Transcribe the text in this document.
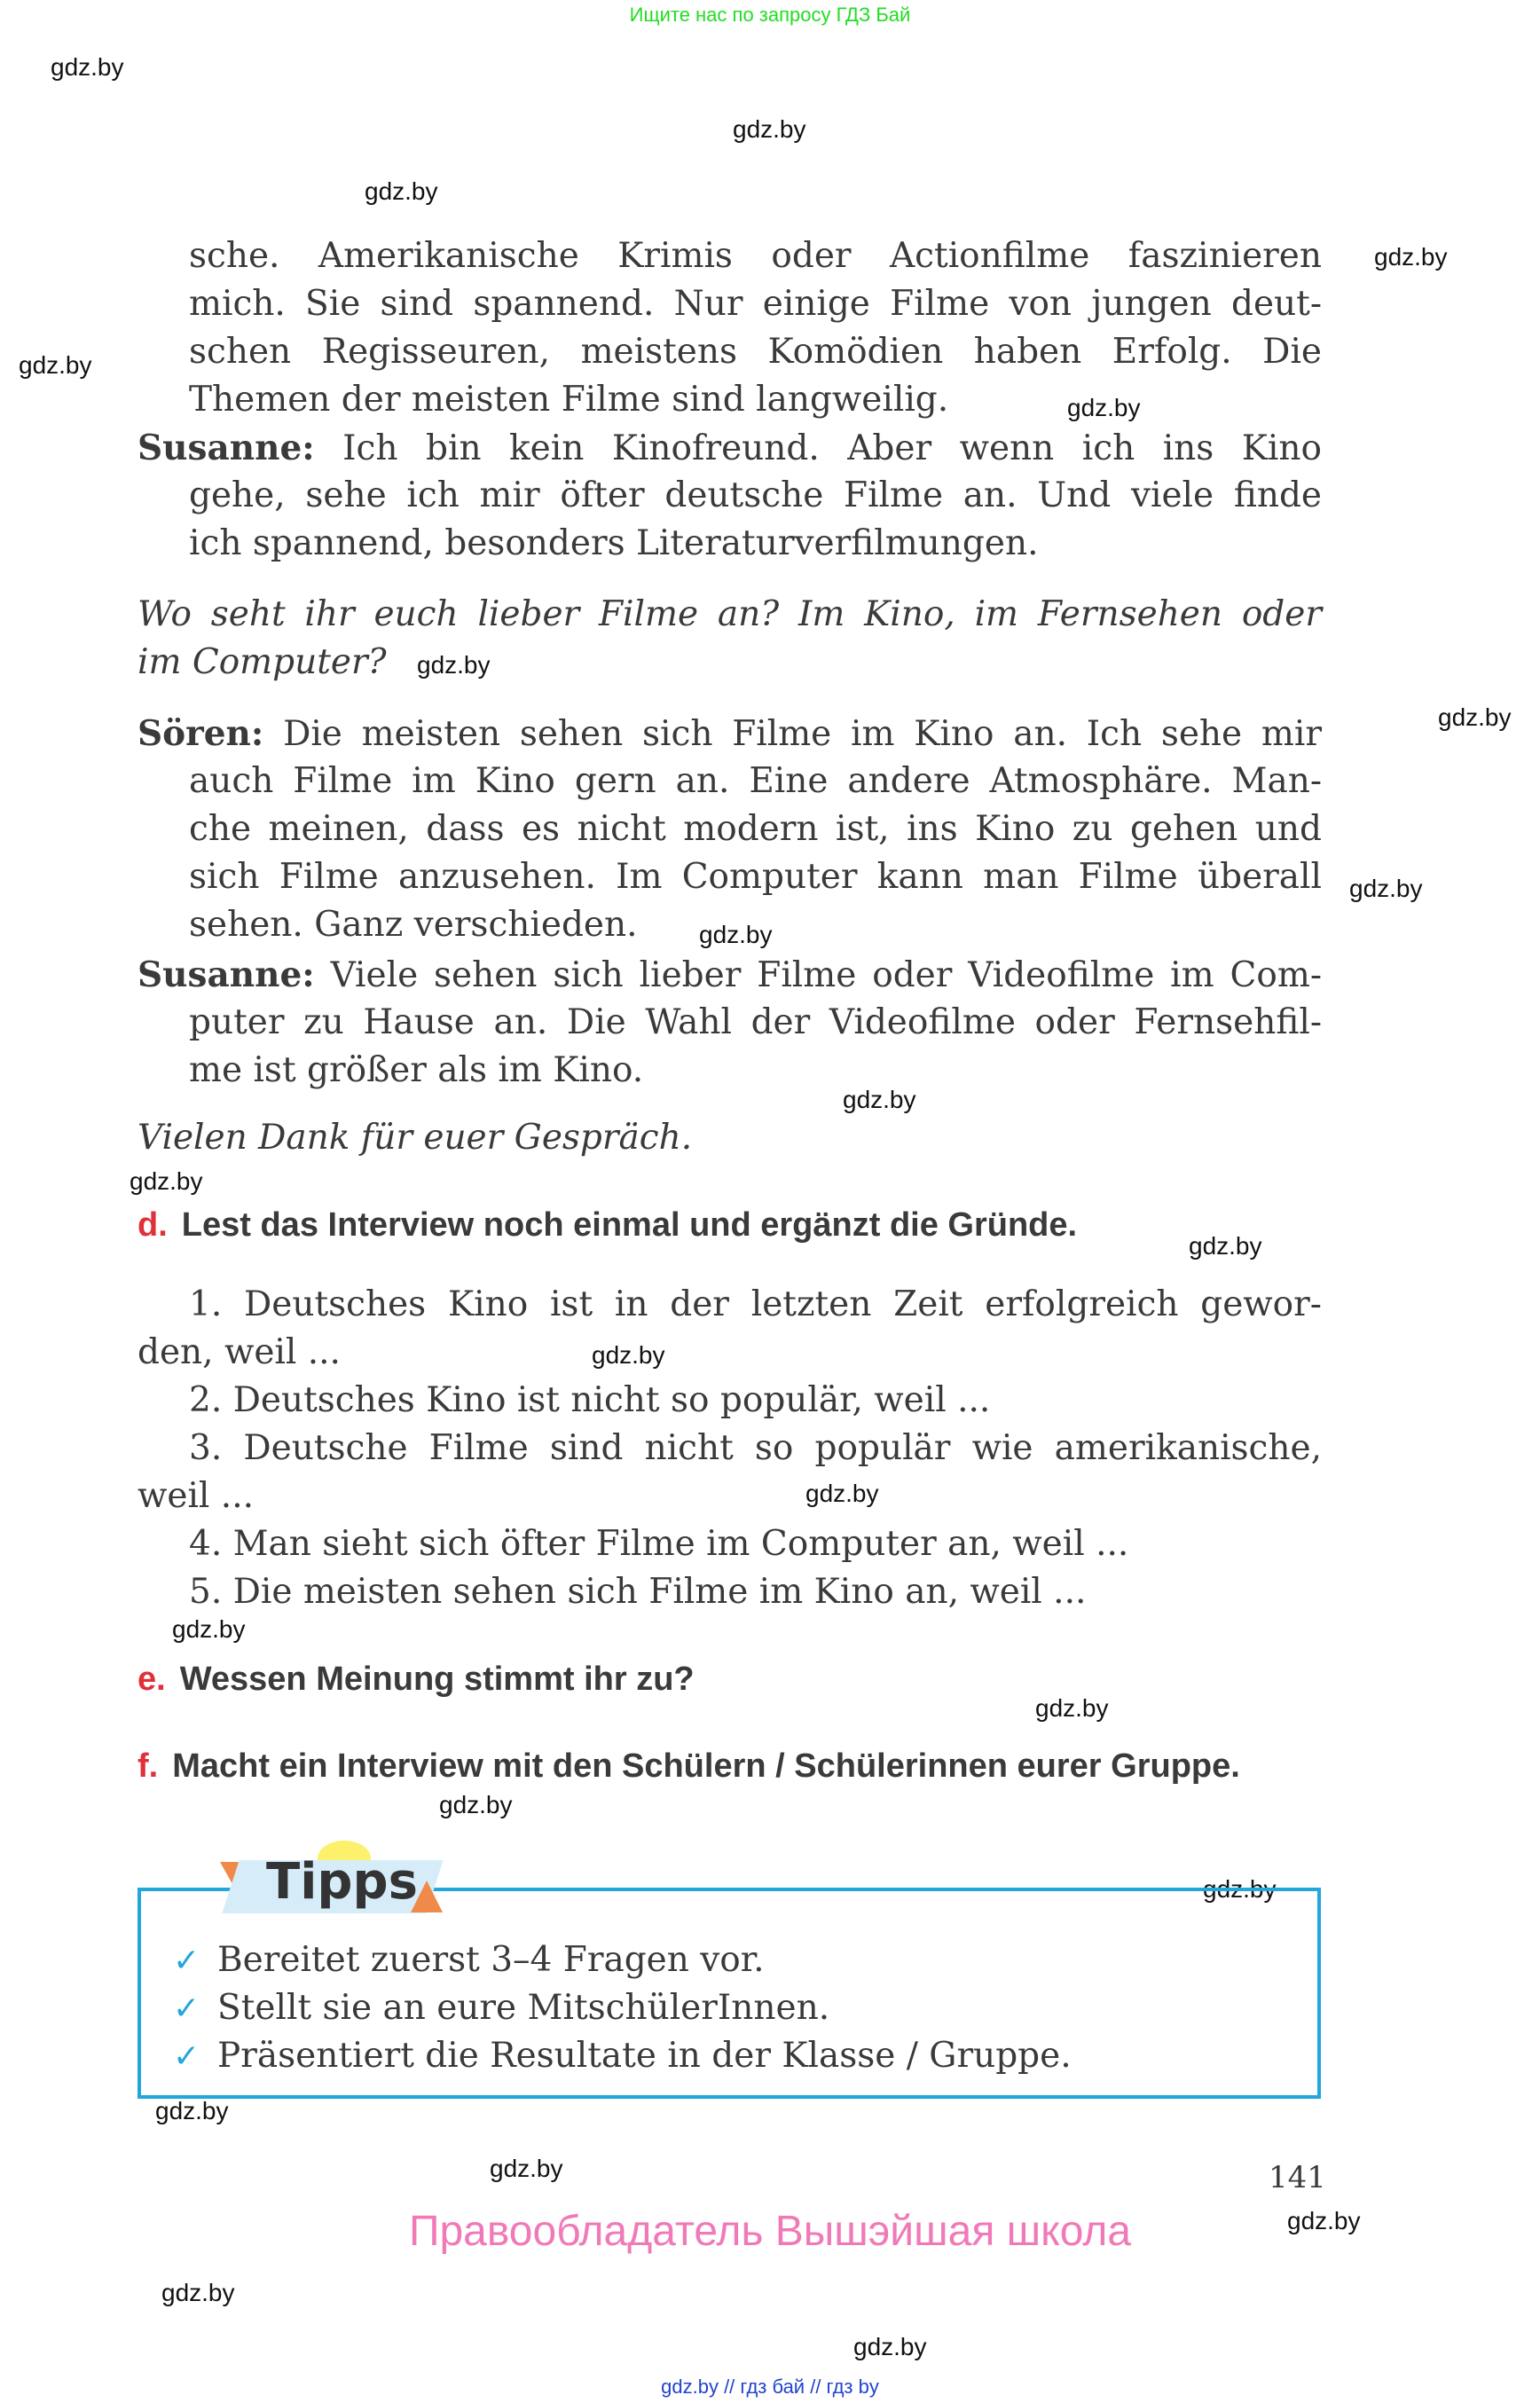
Ищите нас по запросу ГДЗ Бай
gdz.by
gdz.by
gdz.by
gdz.by
gdz.by
gdz.by
gdz.by
gdz.by
gdz.by
gdz.by
gdz.by
gdz.by
gdz.by
gdz.by
gdz.by
gdz.by
gdz.by
gdz.by
gdz.by
gdz.by
gdz.by
gdz.by
gdz.by
gdz.by
sche. Amerikanische Krimis oder Actionfilme faszinieren
mich. Sie sind spannend. Nur einige Filme von jungen deut-
schen Regisseuren, meistens Komödien haben Erfolg. Die
Themen der meisten Filme sind langweilig.
Susanne: Ich bin kein Kinofreund. Aber wenn ich ins Kino
gehe, sehe ich mir öfter deutsche Filme an. Und viele finde
ich spannend, besonders Literaturverfilmungen.
Wo seht ihr euch lieber Filme an? Im Kino, im Fernsehen oder
im Computer?
Sören: Die meisten sehen sich Filme im Kino an. Ich sehe mir
auch Filme im Kino gern an. Eine andere Atmosphäre. Man-
che meinen, dass es nicht modern ist, ins Kino zu gehen und
sich Filme anzusehen. Im Computer kann man Filme überall
sehen. Ganz verschieden.
Susanne: Viele sehen sich lieber Filme oder Videofilme im Com-
puter zu Hause an. Die Wahl der Videofilme oder Fernsehfil-
me ist größer als im Kino.
Vielen Dank für euer Gespräch.
d. Lest das Interview noch einmal und ergänzt die Gründe.
1. Deutsches Kino ist in der letzten Zeit erfolgreich gewor-
den, weil ...
2. Deutsches Kino ist nicht so populär, weil ...
3. Deutsche Filme sind nicht so populär wie amerikanische,
weil ...
4. Man sieht sich öfter Filme im Computer an, weil ...
5. Die meisten sehen sich Filme im Kino an, weil ...
e. Wessen Meinung stimmt ihr zu?
f. Macht ein Interview mit den Schülern / Schülerinnen eurer Gruppe.
Tipps
✓ Bereitet zuerst 3–4 Fragen vor.
✓ Stellt sie an eure MitschülerInnen.
✓ Präsentiert die Resultate in der Klasse / Gruppe.
141
Правообладатель Вышэйшая школа
gdz.by // гдз бай // гдз by
